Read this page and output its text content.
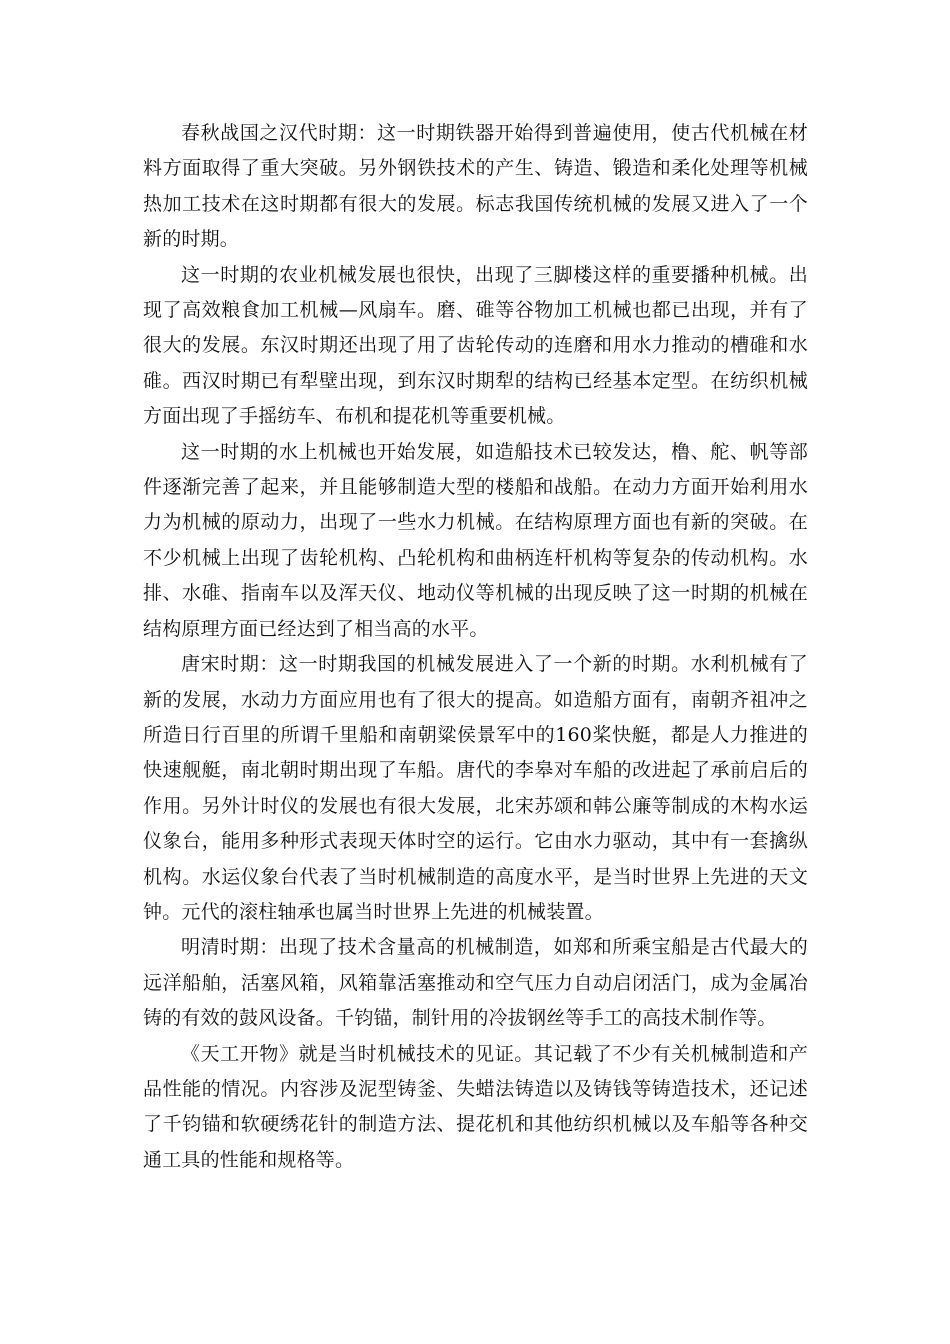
春秋战国之汉代时期：这一时期铁器开始得到普遍使用，使古代机械在材料方面取得了重大突破。另外钢铁技术的产生、铸造、锻造和柔化处理等机械热加工技术在这时期都有很大的发展。标志我国传统机械的发展又进入了一个新的时期。

这一时期的农业机械发展也很快，出现了三脚楼这样的重要播种机械。出现了高效粮食加工机械—风扇车。磨、碓等谷物加工机械也都已出现，并有了很大的发展。东汉时期还出现了用了齿轮传动的连磨和用水力推动的槽碓和水碓。西汉时期已有犁壁出现，到东汉时期犁的结构已经基本定型。在纺织机械方面出现了手摇纺车、布机和提花机等重要机械。

这一时期的水上机械也开始发展，如造船技术已较发达，橹、舵、帆等部件逐渐完善了起来，并且能够制造大型的楼船和战船。在动力方面开始利用水力为机械的原动力，出现了一些水力机械。在结构原理方面也有新的突破。在不少机械上出现了齿轮机构、凸轮机构和曲柄连杆机构等复杂的传动机构。水排、水碓、指南车以及浑天仪、地动仪等机械的出现反映了这一时期的机械在结构原理方面已经达到了相当高的水平。

唐宋时期：这一时期我国的机械发展进入了一个新的时期。水利机械有了新的发展，水动力方面应用也有了很大的提高。如造船方面有，南朝齐祖冲之所造日行百里的所谓千里船和南朝粱侯景军中的160桨快艇，都是人力推进的快速舰艇，南北朝时期出现了车船。唐代的李皋对车船的改进起了承前启后的作用。另外计时仪的发展也有很大发展，北宋苏颂和韩公廉等制成的木构水运仪象台，能用多种形式表现天体时空的运行。它由水力驱动，其中有一套擒纵机构。水运仪象台代表了当时机械制造的高度水平，是当时世界上先进的天文钟。元代的滚柱轴承也属当时世界上先进的机械装置。

明清时期：出现了技术含量高的机械制造，如郑和所乘宝船是古代最大的远洋船舶，活塞风箱，风箱靠活塞推动和空气压力自动启闭活门，成为金属冶铸的有效的鼓风设备。千钧锚，制针用的冷拔钢丝等手工的高技术制作等。

《天工开物》就是当时机械技术的见证。其记载了不少有关机械制造和产品性能的情况。内容涉及泥型铸釜、失蜡法铸造以及铸钱等铸造技术，还记述了千钧锚和软硬绣花针的制造方法、提花机和其他纺织机械以及车船等各种交通工具的性能和规格等。
